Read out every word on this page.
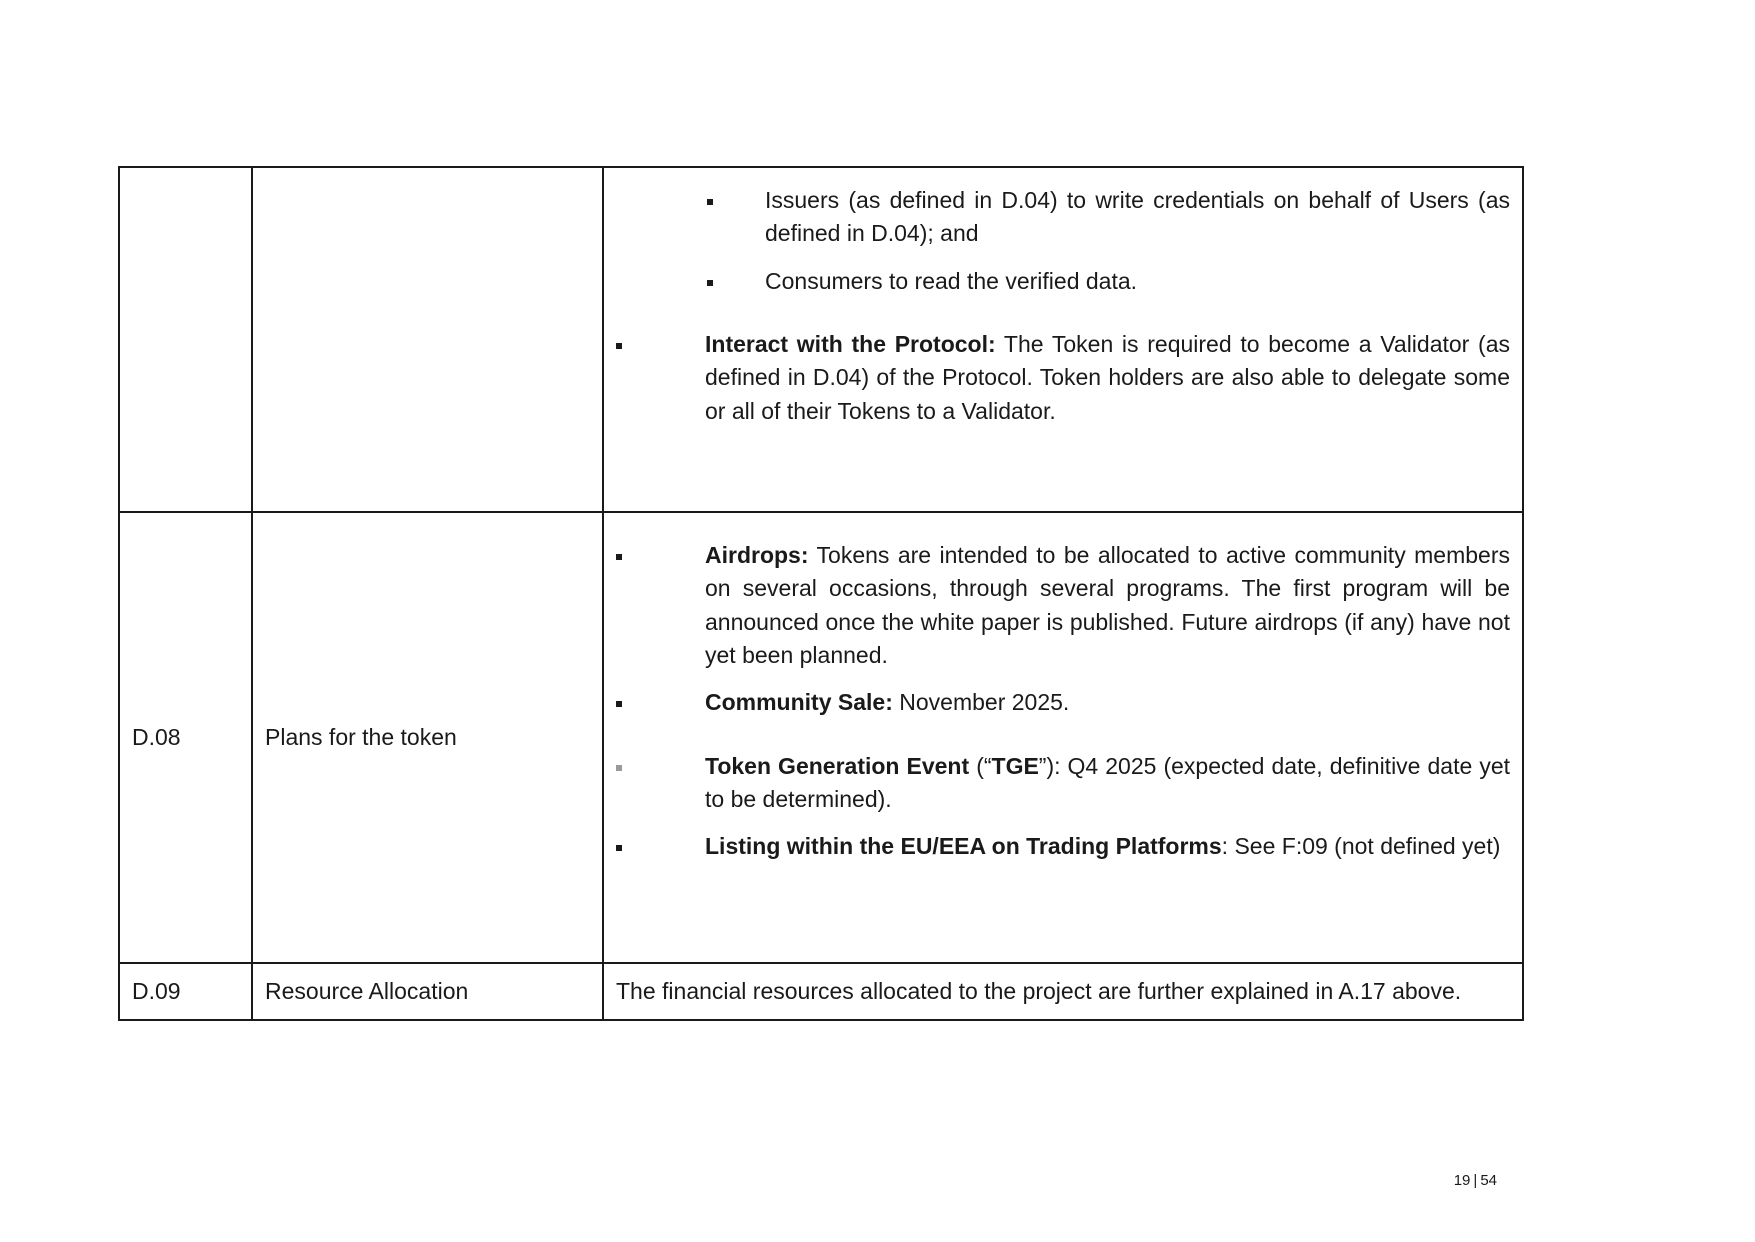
Issuers (as defined in D.04) to write credentials on behalf of Users (as defined in D.04); and
Consumers to read the verified data.
Interact with the Protocol: The Token is required to become a Validator (as defined in D.04) of the Protocol. Token holders are also able to delegate some or all of their Tokens to a Validator.

D.08	Plans for the token	Airdrops: Tokens are intended to be allocated to active community members on several occasions, through several programs. The first program will be announced once the white paper is published. Future airdrops (if any) have not yet been planned.
Community Sale: November 2025.
Token Generation Event (“TGE”): Q4 2025 (expected date, definitive date yet to be determined).
Listing within the EU/EEA on Trading Platforms: See F:09 (not defined yet)

D.09	Resource Allocation	The financial resources allocated to the project are further explained in A.17 above.
19 | 54
